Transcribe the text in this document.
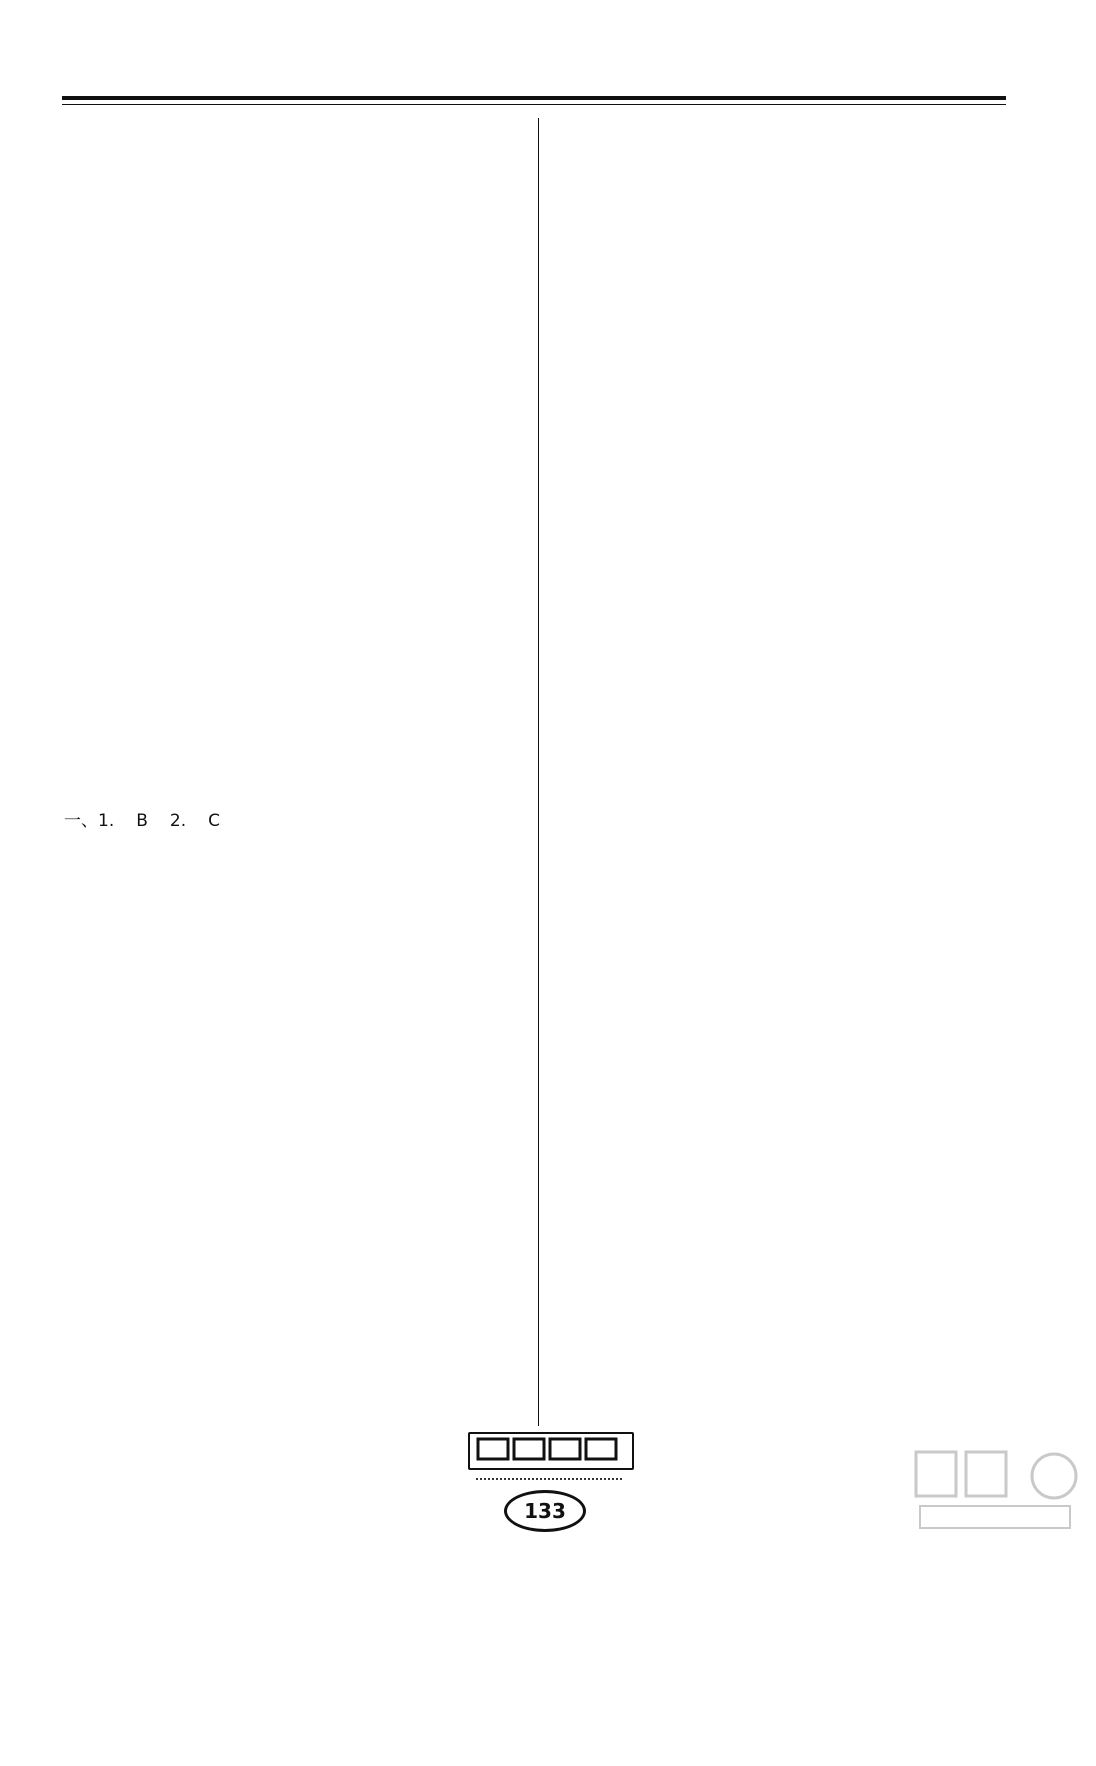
一、1. B 2. C
133
